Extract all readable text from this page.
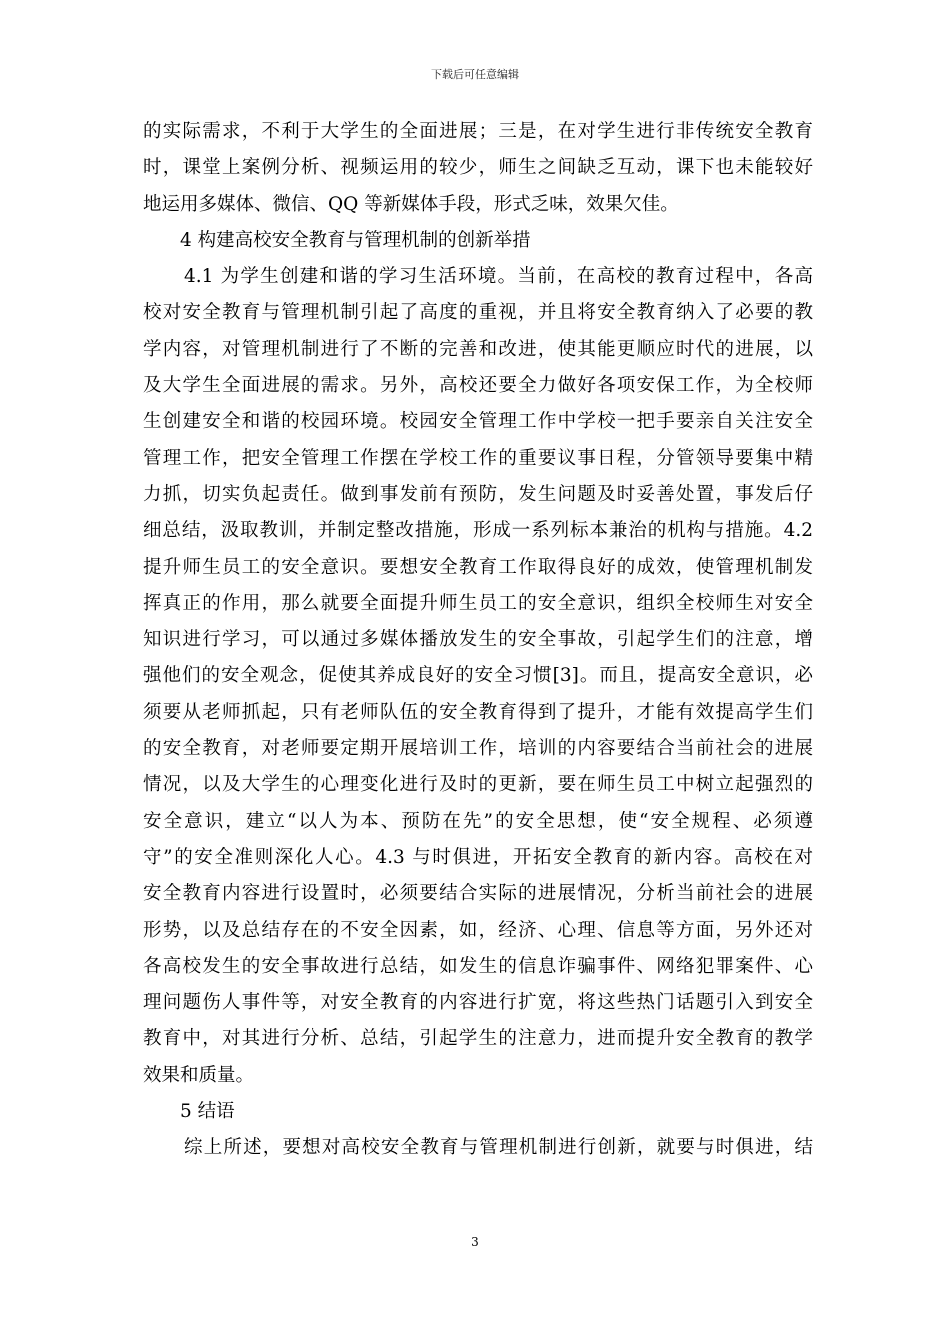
下载后可任意编辑
的实际需求，不利于大学生的全面进展；三是，在对学生进行非传统安全教育
时，课堂上案例分析、视频运用的较少，师生之间缺乏互动，课下也未能较好
地运用多媒体、微信、QQ 等新媒体手段，形式乏味，效果欠佳。
4 构建高校安全教育与管理机制的创新举措
4.1 为学生创建和谐的学习生活环境。当前，在高校的教育过程中，各高
校对安全教育与管理机制引起了高度的重视，并且将安全教育纳入了必要的教
学内容，对管理机制进行了不断的完善和改进，使其能更顺应时代的进展，以
及大学生全面进展的需求。另外，高校还要全力做好各项安保工作，为全校师
生创建安全和谐的校园环境。校园安全管理工作中学校一把手要亲自关注安全
管理工作，把安全管理工作摆在学校工作的重要议事日程，分管领导要集中精
力抓，切实负起责任。做到事发前有预防，发生问题及时妥善处置，事发后仔
细总结，汲取教训，并制定整改措施，形成一系列标本兼治的机构与措施。4.2
提升师生员工的安全意识。要想安全教育工作取得良好的成效，使管理机制发
挥真正的作用，那么就要全面提升师生员工的安全意识，组织全校师生对安全
知识进行学习，可以通过多媒体播放发生的安全事故，引起学生们的注意，增
强他们的安全观念，促使其养成良好的安全习惯[3]。而且，提高安全意识，必
须要从老师抓起，只有老师队伍的安全教育得到了提升，才能有效提高学生们
的安全教育，对老师要定期开展培训工作，培训的内容要结合当前社会的进展
情况，以及大学生的心理变化进行及时的更新，要在师生员工中树立起强烈的
安全意识，建立“以人为本、预防在先”的安全思想，使“安全规程、必须遵
守”的安全准则深化人心。4.3 与时俱进，开拓安全教育的新内容。高校在对
安全教育内容进行设置时，必须要结合实际的进展情况，分析当前社会的进展
形势，以及总结存在的不安全因素，如，经济、心理、信息等方面，另外还对
各高校发生的安全事故进行总结，如发生的信息诈骗事件、网络犯罪案件、心
理问题伤人事件等，对安全教育的内容进行扩宽，将这些热门话题引入到安全
教育中，对其进行分析、总结，引起学生的注意力，进而提升安全教育的教学
效果和质量。
5 结语
综上所述，要想对高校安全教育与管理机制进行创新，就要与时俱进，结
3
